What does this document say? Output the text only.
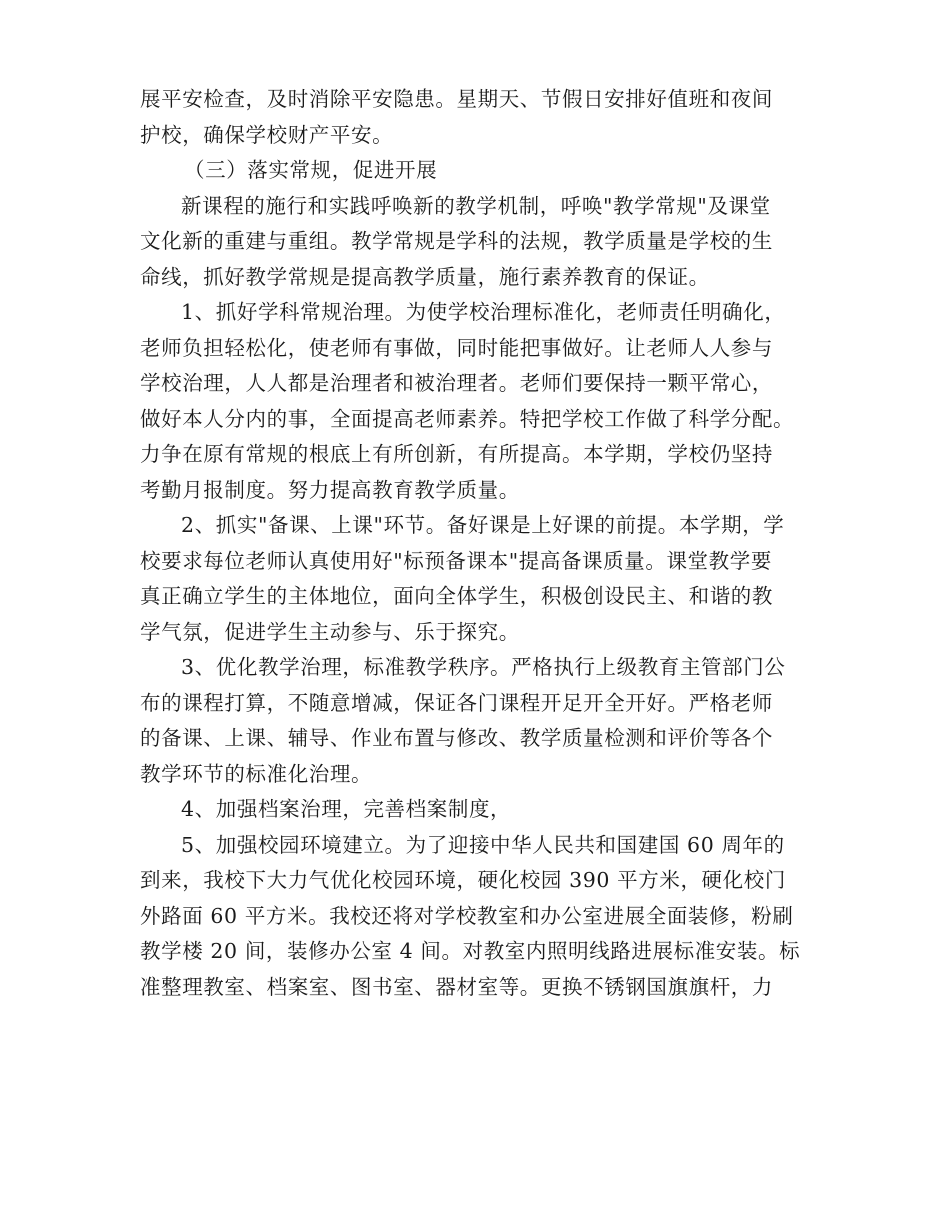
展平安检查，及时消除平安隐患。星期天、节假日安排好值班和夜间
护校，确保学校财产平安。
（三）落实常规，促进开展
新课程的施行和实践呼唤新的教学机制，呼唤"教学常规"及课堂
文化新的重建与重组。教学常规是学科的法规，教学质量是学校的生
命线，抓好教学常规是提高教学质量，施行素养教育的保证。
1、抓好学科常规治理。为使学校治理标准化，老师责任明确化，
老师负担轻松化，使老师有事做，同时能把事做好。让老师人人参与
学校治理，人人都是治理者和被治理者。老师们要保持一颗平常心，
做好本人分内的事，全面提高老师素养。特把学校工作做了科学分配。
力争在原有常规的根底上有所创新，有所提高。本学期，学校仍坚持
考勤月报制度。努力提高教育教学质量。
2、抓实"备课、上课"环节。备好课是上好课的前提。本学期，学
校要求每位老师认真使用好"标预备课本"提高备课质量。课堂教学要
真正确立学生的主体地位，面向全体学生，积极创设民主、和谐的教
学气氛，促进学生主动参与、乐于探究。
3、优化教学治理，标准教学秩序。严格执行上级教育主管部门公
布的课程打算，不随意增减，保证各门课程开足开全开好。严格老师
的备课、上课、辅导、作业布置与修改、教学质量检测和评价等各个
教学环节的标准化治理。
4、加强档案治理，完善档案制度，
5、加强校园环境建立。为了迎接中华人民共和国建国 60 周年的
到来，我校下大力气优化校园环境，硬化校园 390 平方米，硬化校门
外路面 60 平方米。我校还将对学校教室和办公室进展全面装修，粉刷
教学楼 20 间，装修办公室 4 间。对教室内照明线路进展标准安装。标
准整理教室、档案室、图书室、器材室等。更换不锈钢国旗旗杆，力
